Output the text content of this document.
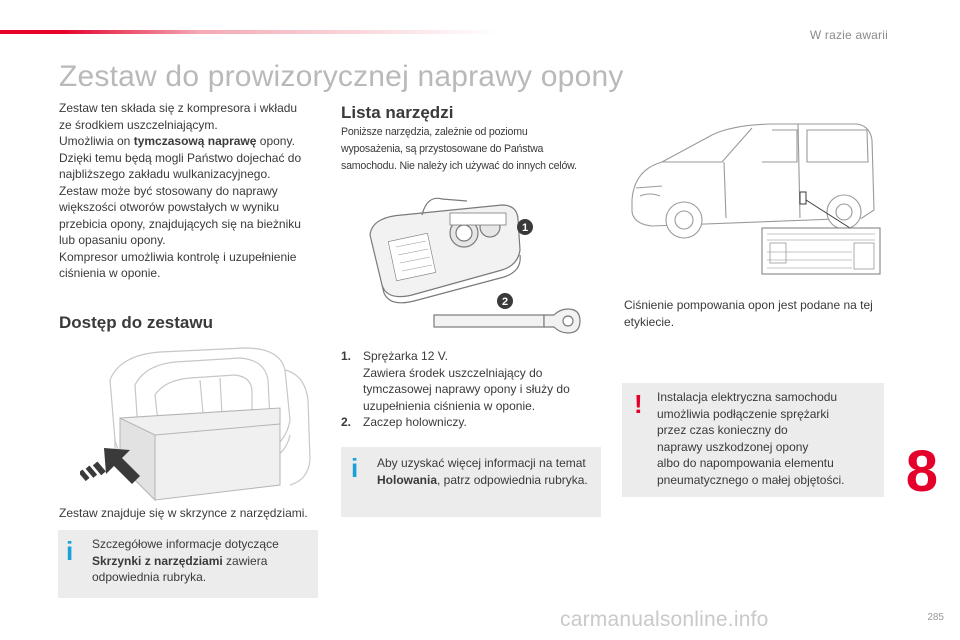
W razie awarii
Zestaw do prowizorycznej naprawy opony

Zestaw ten składa się z kompresora i wkładu

ze środkiem uszczelniającym.

Umożliwia on tymczasową naprawę opony.

Dzięki temu będą mogli Państwo dojechać do

najbliższego zakładu wulkanizacyjnego.

Zestaw może być stosowany do naprawy

większości otworów powstałych w wyniku

przebicia opony, znajdujących się na bieżniku

lub opasaniu opony.

Kompresor umożliwia kontrolę i uzupełnienie

ciśnienia w oponie.

Dostęp do zestawu
Zestaw znajduje się w skrzynce z narzędziami.
i Szczegółowe informacje dotyczące

Skrzynki z narzędziami zawiera

odpowiednia rubryka.

Lista narzędzi

Poniższe narzędzia, zależnie od poziomu

wyposażenia, są przystosowane do Państwa

samochodu. Nie należy ich używać do innych celów.

1
2
1. Sprężarka 12 V.

Zawiera środek uszczelniający do

tymczasowej naprawy opony i służy do

uzupełnienia ciśnienia w oponie.

2. Zaczep holowniczy.

i Aby uzyskać więcej informacji na temat

Holowania, patrz odpowiednia rubryka.

Ciśnienie pompowania opon jest podane na tej

etykiecie.

! Instalacja elektryczna samochodu

umożliwia podłączenie sprężarki

przez czas konieczny do

naprawy uszkodzonej opony

albo do napompowania elementu

pneumatycznego o małej objętości.	8
285
carmanualsonline.info
